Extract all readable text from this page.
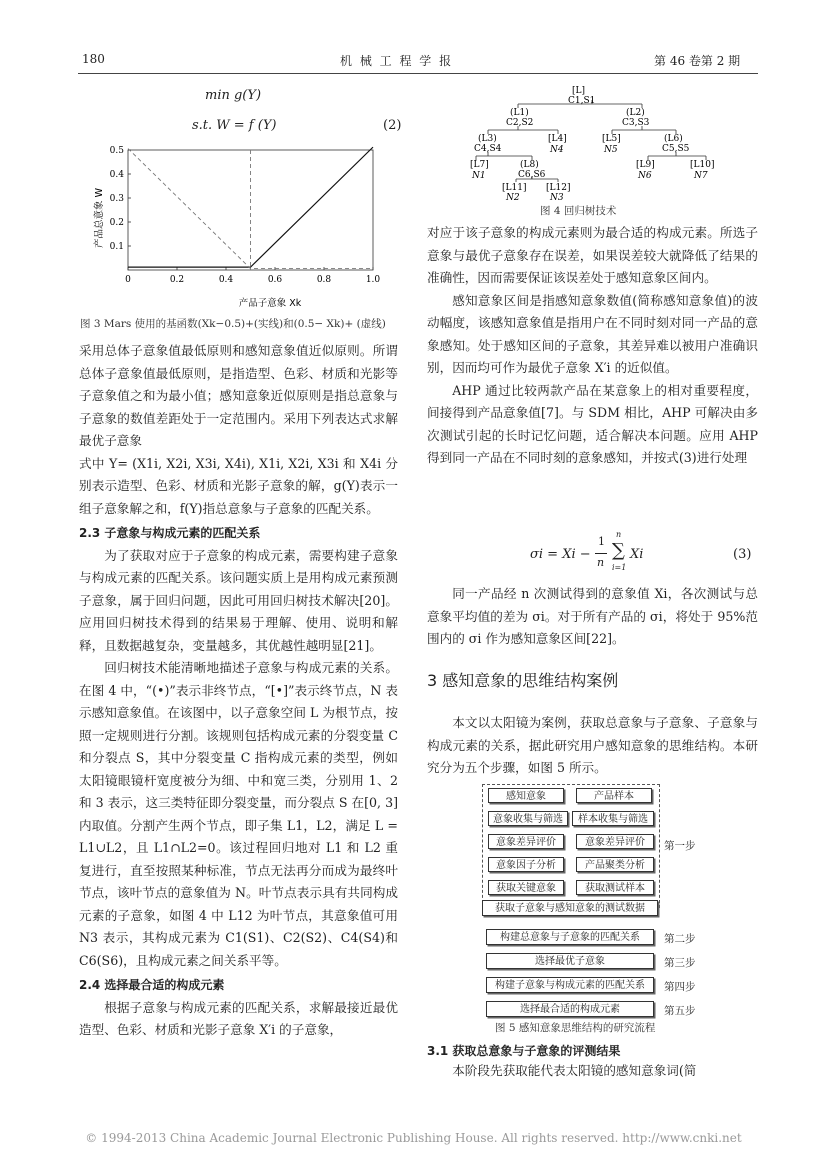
180	机 械 工 程 学 报	第 46 卷第 2 期
min g(Y)
s.t. W = f (Y)	(2)
0	0.2	0.4	0.6	0.8	1.0
0.5
0.4
0.3
0.2
0.1
产品总意象 W
产品子意象 Xk
图 3 Mars 使用的基函数(Xk−0.5)+(实线)和(0.5− Xk)+ (虚线)

采用总体子意象值最低原则和感知意象值近似原则。所谓总体子意象值最低原则，是指造型、色彩、材质和光影等子意象值之和为最小值；感知意象近似原则是指总意象与子意象的数值差距处于一定范围内。采用下列表达式求解最优子意象

式中 Y= (X1i, X2i, X3i, X4i), X1i, X2i, X3i 和 X4i 分别表示造型、色彩、材质和光影子意象的解，g(Y)表示一组子意象解之和，f(Y)指总意象与子意象的匹配关系。

2.3 子意象与构成元素的匹配关系

为了获取对应于子意象的构成元素，需要构建子意象与构成元素的匹配关系。该问题实质上是用构成元素预测子意象，属于回归问题，因此可用回归树技术解决[20]。应用回归树技术得到的结果易于理解、使用、说明和解释，且数据越复杂，变量越多，其优越性越明显[21]。

回归树技术能清晰地描述子意象与构成元素的关系。在图 4 中，“(•)”表示非终节点，“[•]”表示终节点，N 表示感知意象值。在该图中，以子意象空间 L 为根节点，按照一定规则进行分割。该规则包括构成元素的分裂变量 C 和分裂点 S，其中分裂变量 C 指构成元素的类型，例如太阳镜眼镜杆宽度被分为细、中和宽三类，分别用 1、2 和 3 表示，这三类特征即分裂变量，而分裂点 S 在[0, 3]内取值。分割产生两个节点，即子集 L1，L2，满足 L = L1∪L2，且 L1∩L2=0。该过程回归地对 L1 和 L2 重复进行，直至按照某种标准，节点无法再分而成为最终叶节点，该叶节点的意象值为 N。叶节点表示具有共同构成元素的子意象，如图 4 中 L12 为叶节点，其意象值可用 N3 表示，其构成元素为 C1(S1)、C2(S2)、C4(S4)和 C6(S6)，且构成元素之间关系平等。

2.4 选择最合适的构成元素

根据子意象与构成元素的匹配关系，求解最接近最优造型、色彩、材质和光影子意象 X′i 的子意象，

[L]
C1,S1
(L1)
C2,S2
(L2)
C3,S3
(L3)
C4,S4
[L4]
N4
[L5]
N5
(L6)
C5,S5
[L7]
N1
(L8)
C6,S6
[L9]
N6
[L10]
N7
[L11]
N2
[L12]
N3
图 4 回归树技术

对应于该子意象的构成元素则为最合适的构成元素。所选子意象与最优子意象存在误差，如果误差较大就降低了结果的准确性，因而需要保证该误差处于感知意象区间内。

感知意象区间是指感知意象数值(简称感知意象值)的波动幅度，该感知意象值是指用户在不同时刻对同一产品的意象感知。处于感知区间的子意象，其差异难以被用户准确识别，因而均可作为最优子意象 X′i 的近似值。

AHP 通过比较两款产品在某意象上的相对重要程度，间接得到产品意象值[7]。与 SDM 相比，AHP 可解决由多次测试引起的长时记忆问题，适合解决本问题。应用 AHP 得到同一产品在不同时刻的意象感知，并按式(3)进行处理

σi = Xi −
1
n
n
∑
i=1
Xi	(3)

同一产品经 n 次测试得到的意象值 Xi，各次测试与总意象平均值的差为 σi。对于所有产品的 σi，将处于 95%范围内的 σi 作为感知意象区间[22]。

3 感知意象的思维结构案例

本文以太阳镜为案例，获取总意象与子意象、子意象与构成元素的关系，据此研究用户感知意象的思维结构。本研究分为五个步骤，如图 5 所示。

感知意象	产品样本
意象收集与筛选	样本收集与筛选
意象差异评价	意象差异评价
意象因子分析	产品聚类分析
获取关键意象	获取测试样本
获取子意象与感知意象的测试数据
构建总意象与子意象的匹配关系
选择最优子意象
构建子意象与构成元素的匹配关系
选择最合适的构成元素
第一步
第二步
第三步
第四步
第五步
图 5 感知意象思维结构的研究流程
3.1 获取总意象与子意象的评测结果

本阶段先获取能代表太阳镜的感知意象词(简

© 1994-2013 China Academic Journal Electronic Publishing House. All rights reserved. http://www.cnki.net
